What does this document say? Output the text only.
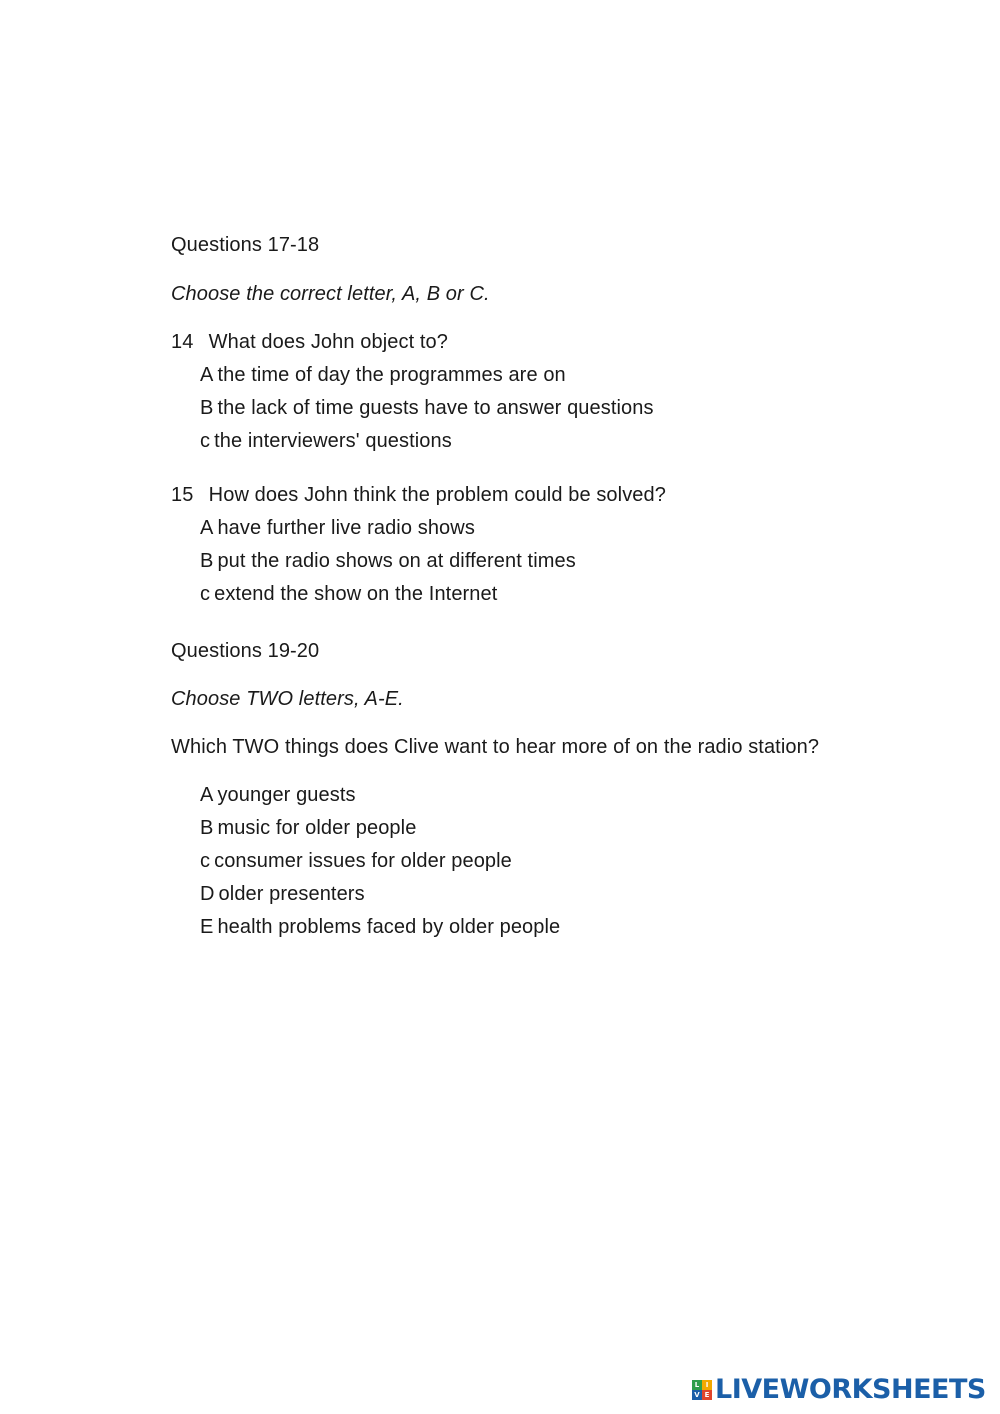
Questions 17-18
Choose the correct letter, A, B or C.
14 What does John object to?
A the time of day the programmes are on
B the lack of time guests have to answer questions
c the interviewers' questions
15 How does John think the problem could be solved?
A have further live radio shows
B put the radio shows on at different times
c extend the show on the Internet
Questions 19-20
Choose TWO letters, A-E.
Which TWO things does Clive want to hear more of on the radio station?
A younger guests
B music for older people
c consumer issues for older people
D older presenters
E health problems faced by older people
L I
V E LIVEWORKSHEETS
